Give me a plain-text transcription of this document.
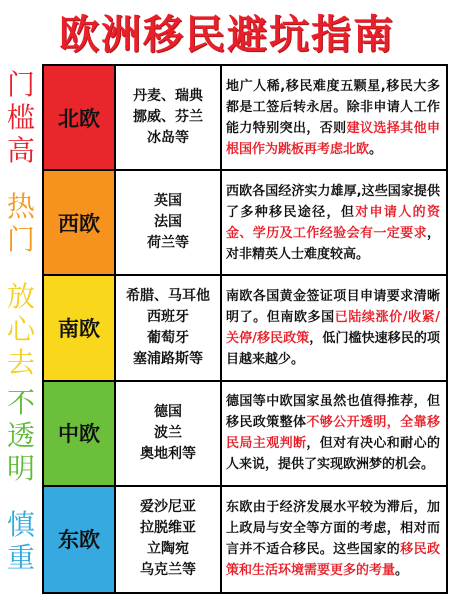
欧洲移民避坑指南
门
槛
高
热
门
放
心
去
不
透
明
慎
重
北欧
丹麦、瑞典
挪威、芬兰
冰岛等

地广人稀,移民难度五颗星,移民大多都是工签后转永居。除非申请人工作能力特别突出，否则建议选择其他申根国作为跳板再考虑北欧。

西欧
英国
法国
荷兰等

西欧各国经济实力雄厚,这些国家提供了多种移民途径，但对申请人的资金、学历及工作经验会有一定要求，对非精英人士难度较高。

南欧
希腊、马耳他
西班牙
葡萄牙
塞浦路斯等

南欧各国黄金签证项目申请要求清晰明了。但南欧多国已陆续涨价/收紧/关停/移民政策，低门槛快速移民的项目越来越少。

中欧
德国
波兰
奥地利等

德国等中欧国家虽然也值得推荐，但移民政策整体不够公开透明，全靠移民局主观判断，但对有决心和耐心的人来说，提供了实现欧洲梦的机会。

东欧
爱沙尼亚
拉脱维亚
立陶宛
乌克兰等

东欧由于经济发展水平较为滞后，加上政局与安全等方面的考虑，相对而言并不适合移民。这些国家的移民政策和生活环境需要更多的考量。
